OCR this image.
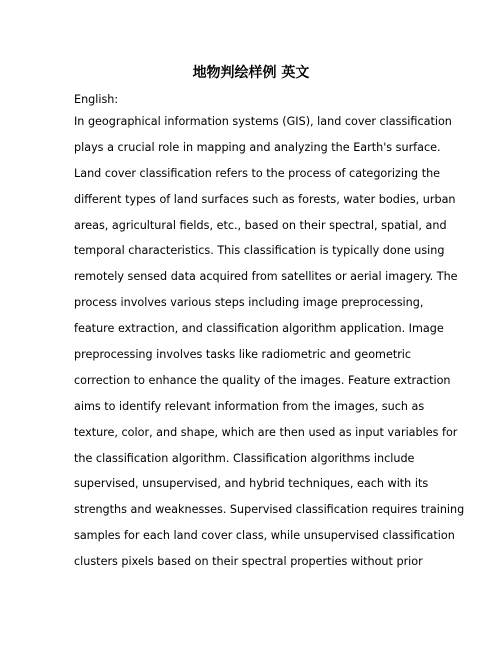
地物判绘样例 英文
English:
In geographical information systems (GIS), land cover classification
plays a crucial role in mapping and analyzing the Earth's surface.
Land cover classification refers to the process of categorizing the
different types of land surfaces such as forests, water bodies, urban
areas, agricultural fields, etc., based on their spectral, spatial, and
temporal characteristics. This classification is typically done using
remotely sensed data acquired from satellites or aerial imagery. The
process involves various steps including image preprocessing,
feature extraction, and classification algorithm application. Image
preprocessing involves tasks like radiometric and geometric
correction to enhance the quality of the images. Feature extraction
aims to identify relevant information from the images, such as
texture, color, and shape, which are then used as input variables for
the classification algorithm. Classification algorithms include
supervised, unsupervised, and hybrid techniques, each with its
strengths and weaknesses. Supervised classification requires training
samples for each land cover class, while unsupervised classification
clusters pixels based on their spectral properties without prior
